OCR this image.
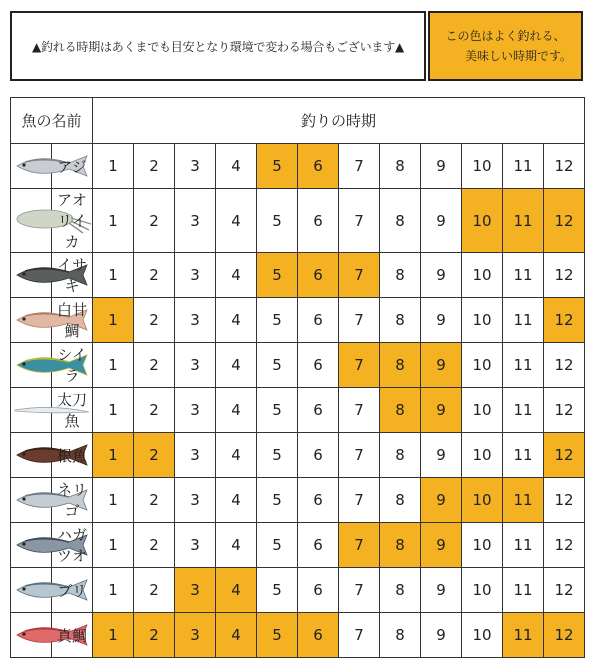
▲釣れる時期はあくまでも目安となり環境で変わる場合もございます▲
この色はよく釣れる、
美味しい時期です。
魚の名前		釣りの時期											

	アジ	1	2	3	4	5	6	7	8	9	10	11	12

	アオリイカ	1	2	3	4	5	6	7	8	9	10	11	12

	イサキ	1	2	3	4	5	6	7	8	9	10	11	12

	白甘鯛	1	2	3	4	5	6	7	8	9	10	11	12

	シイラ	1	2	3	4	5	6	7	8	9	10	11	12

	太刀魚	1	2	3	4	5	6	7	8	9	10	11	12

	根魚	1	2	3	4	5	6	7	8	9	10	11	12

	ネリゴ	1	2	3	4	5	6	7	8	9	10	11	12

	ハガツオ	1	2	3	4	5	6	7	8	9	10	11	12

	ブリ	1	2	3	4	5	6	7	8	9	10	11	12

	真鯛	1	2	3	4	5	6	7	8	9	10	11	12
